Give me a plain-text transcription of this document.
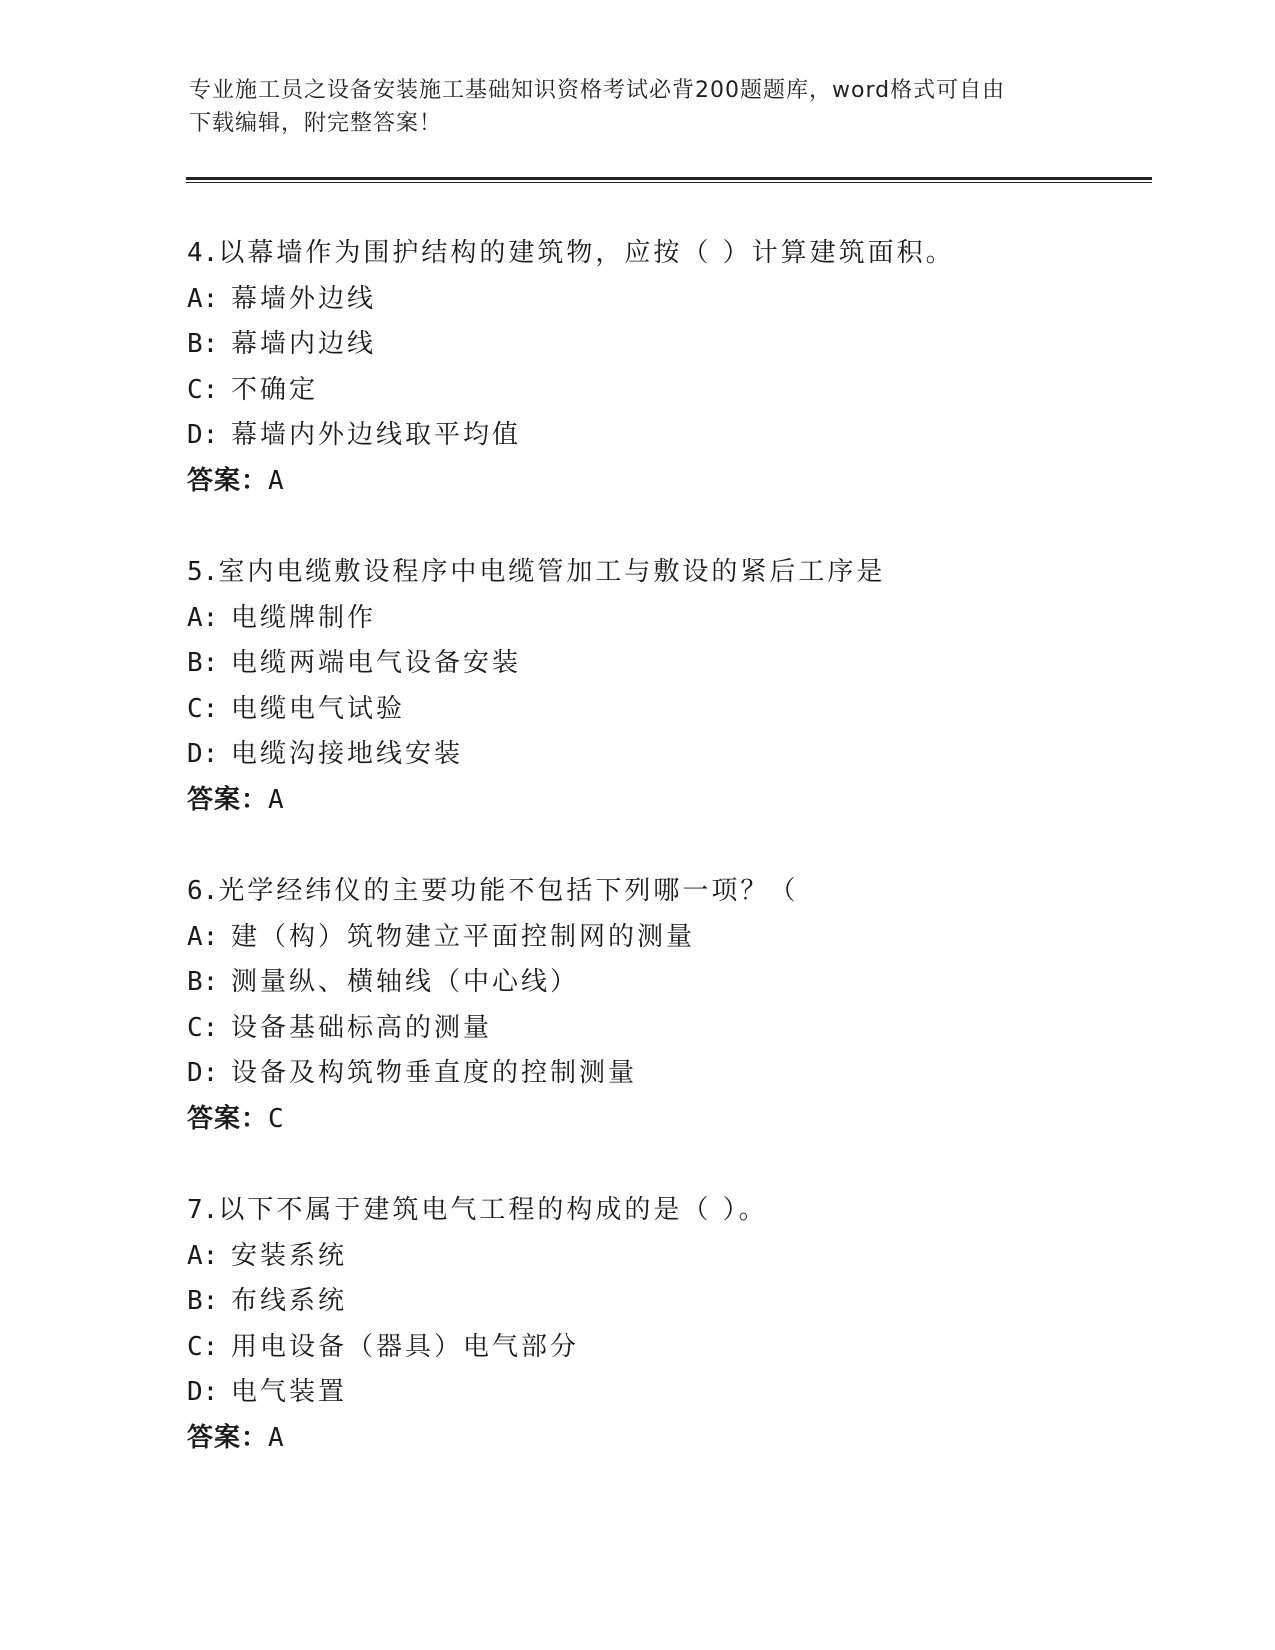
专业施工员之设备安装施工基础知识资格考试必背200题题库，word格式可自由
下载编辑，附完整答案！
4.以幕墙作为围护结构的建筑物，应按（ ）计算建筑面积。
A: 幕墙外边线
B: 幕墙内边线
C: 不确定
D: 幕墙内外边线取平均值
答案：A
5.室内电缆敷设程序中电缆管加工与敷设的紧后工序是
A: 电缆牌制作
B: 电缆两端电气设备安装
C: 电缆电气试验
D: 电缆沟接地线安装
答案：A
6.光学经纬仪的主要功能不包括下列哪一项？（
A: 建（构）筑物建立平面控制网的测量
B: 测量纵、横轴线（中心线）
C: 设备基础标高的测量
D: 设备及构筑物垂直度的控制测量
答案：C
7.以下不属于建筑电气工程的构成的是（ ）。
A: 安装系统
B: 布线系统
C: 用电设备（器具）电气部分
D: 电气装置
答案：A
